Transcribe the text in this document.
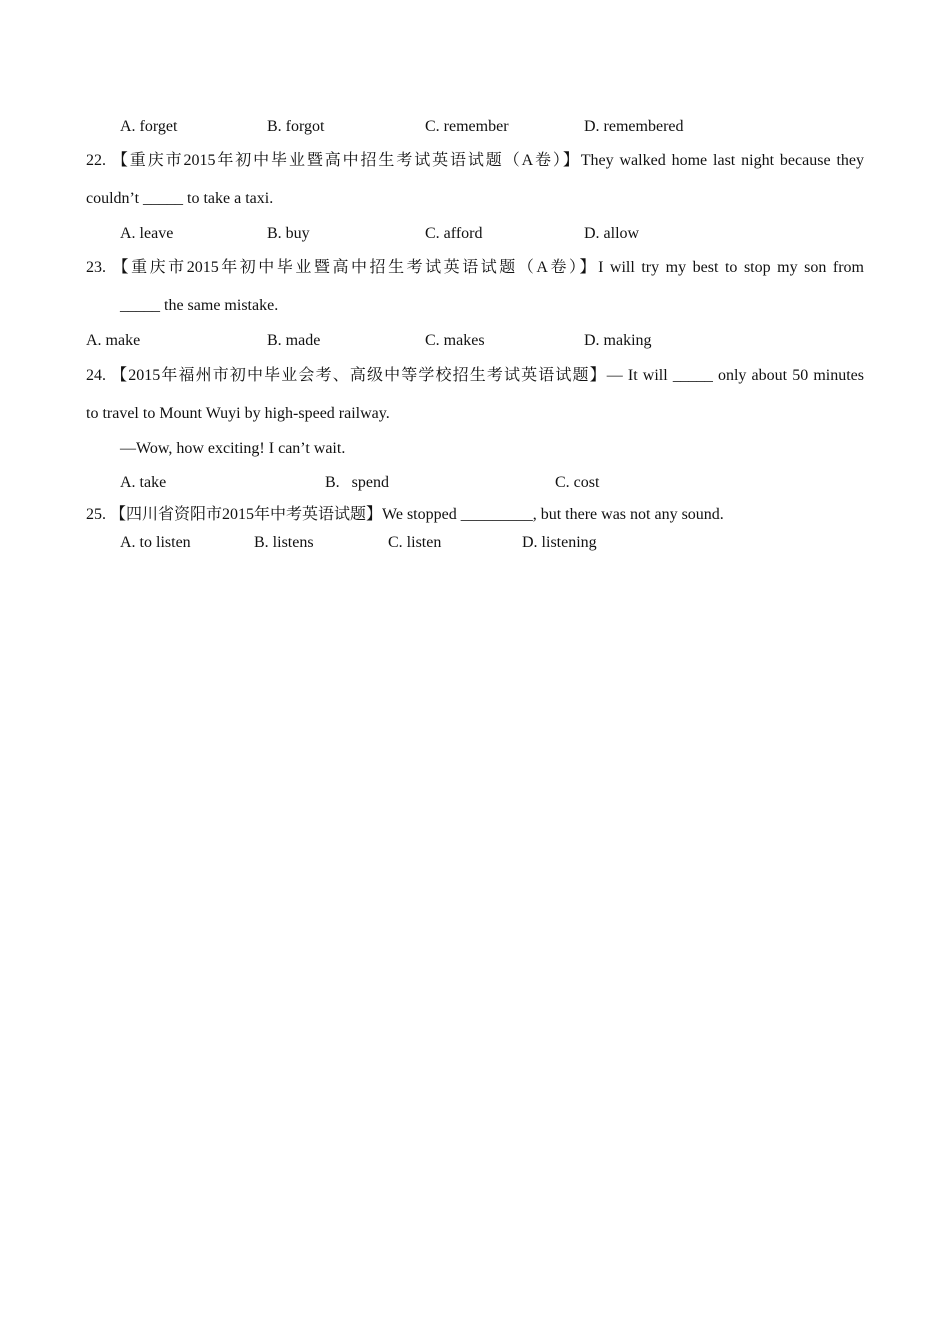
A. forget	B. forgot	C. remember	D. remembered
22. 【重庆市2015年初中毕业暨高中招生考试英语试题（A卷）】They walked home last night because they
couldn’t _____ to take a taxi.
A. leave	B. buy	C. afford	D. allow
23. 【重庆市2015年初中毕业暨高中招生考试英语试题（A卷）】I will try my best to stop my son from
_____ the same mistake.
A. make	B. made	C. makes	D. making
24. 【2015年福州市初中毕业会考、高级中等学校招生考试英语试题】— It will _____ only about 50 minutes
to travel to Mount Wuyi by high-speed railway.
—Wow, how exciting! I can’t wait.
A. take	B.   spend	C. cost
25. 【四川省资阳市2015年中考英语试题】We stopped _________, but there was not any sound.
A. to listen	B. listens	C. listen	D. listening
